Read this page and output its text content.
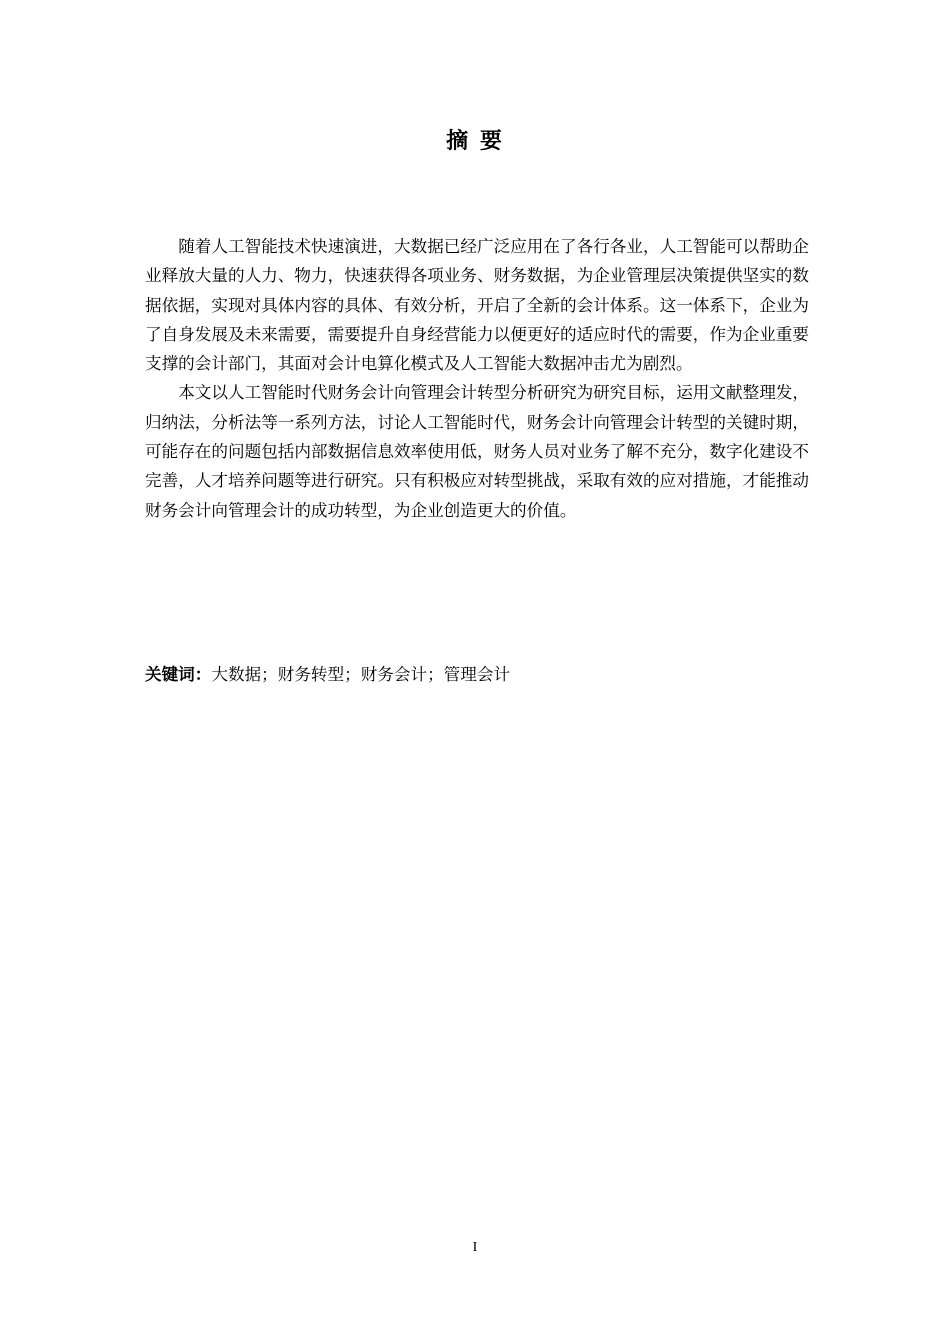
摘 要

随着人工智能技术快速演进，大数据已经广泛应用在了各行各业，人工智能可以帮助企业释放大量的人力、物力，快速获得各项业务、财务数据，为企业管理层决策提供坚实的数据依据，实现对具体内容的具体、有效分析，开启了全新的会计体系。这一体系下，企业为了自身发展及未来需要，需要提升自身经营能力以便更好的适应时代的需要，作为企业重要支撑的会计部门，其面对会计电算化模式及人工智能大数据冲击尤为剧烈。

本文以人工智能时代财务会计向管理会计转型分析研究为研究目标，运用文献整理发，归纳法，分析法等一系列方法，讨论人工智能时代，财务会计向管理会计转型的关键时期，可能存在的问题包括内部数据信息效率使用低，财务人员对业务了解不充分，数字化建设不完善，人才培养问题等进行研究。只有积极应对转型挑战，采取有效的应对措施，才能推动财务会计向管理会计的成功转型，为企业创造更大的价值。

关键词：大数据；财务转型；财务会计；管理会计

I
